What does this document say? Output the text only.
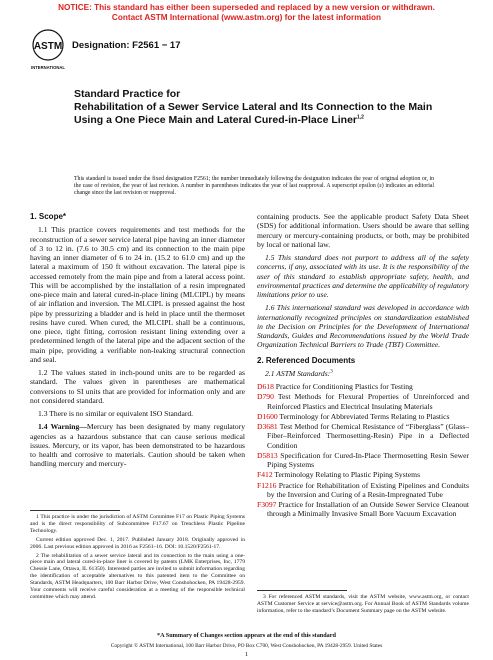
NOTICE: This standard has either been superseded and replaced by a new version or withdrawn.
Contact ASTM International (www.astm.org) for the latest information
ASTM
INTERNATIONAL
Designation: F2561 − 17
Standard Practice for
Rehabilitation of a Sewer Service Lateral and Its Connection to the Main Using a One Piece Main and Lateral Cured-in-Place Liner$^{1,2}$
This standard is issued under the fixed designation F2561; the number immediately following the designation indicates the year of original adoption or, in the case of revision, the year of last revision. A number in parentheses indicates the year of last reapproval. A superscript epsilon (ε) indicates an editorial change since the last revision or reapproval.
1. Scope*
1.1 This practice covers requirements and test methods for the reconstruction of a sewer service lateral pipe having an inner diameter of 3 to 12 in. (7.6 to 30.5 cm) and its connection to the main pipe having an inner diameter of 6 to 24 in. (15.2 to 61.0 cm) and up the lateral a maximum of 150 ft without excavation. The lateral pipe is accessed remotely from the main pipe and from a lateral access point. This will be accomplished by the installation of a resin impregnated one-piece main and lateral cured-in-place lining (MLCIPL) by means of air inflation and inversion. The MLCIPL is pressed against the host pipe by pressurizing a bladder and is held in place until the thermoset resins have cured. When cured, the MLCIPL shall be a continuous, one piece, tight fitting, corrosion resistant lining extending over a predetermined length of the lateral pipe and the adjacent section of the main pipe, providing a verifiable non-leaking structural connection and seal.
1.2 The values stated in inch-pound units are to be regarded as standard. The values given in parentheses are mathematical conversions to SI units that are provided for information only and are not considered standard.
1.3 There is no similar or equivalent ISO Standard.
1.4 Warning—Mercury has been designated by many regulatory agencies as a hazardous substance that can cause serious medical issues. Mercury, or its vapor, has been demonstrated to be hazardous to health and corrosive to materials. Caution should be taken when handling mercury and mercury-
containing products. See the applicable product Safety Data Sheet (SDS) for additional information. Users should be aware that selling mercury or mercury-containing products, or both, may be prohibited by local or national law.
1.5 This standard does not purport to address all of the safety concerns, if any, associated with its use. It is the responsibility of the user of this standard to establish appropriate safety, health, and environmental practices and determine the applicability of regulatory limitations prior to use.
1.6 This international standard was developed in accordance with internationally recognized principles on standardization established in the Decision on Principles for the Development of International Standards, Guides and Recommendations issued by the World Trade Organization Technical Barriers to Trade (TBT) Committee.
2. Referenced Documents
2.1 ASTM Standards:$^3$
D618 Practice for Conditioning Plastics for Testing
D790 Test Methods for Flexural Properties of Unreinforced and Reinforced Plastics and Electrical Insulating Materials
D1600 Terminology for Abbreviated Terms Relating to Plastics
D3681 Test Method for Chemical Resistance of “Fiberglass” (Glass–Fiber–Reinforced Thermosetting-Resin) Pipe in a Deflected Condition
D5813 Specification for Cured-In-Place Thermosetting Resin Sewer Piping Systems
F412 Terminology Relating to Plastic Piping Systems
F1216 Practice for Rehabilitation of Existing Pipelines and Conduits by the Inversion and Curing of a Resin-Impregnated Tube
F3097 Practice for Installation of an Outside Sewer Service Cleanout through a Minimally Invasive Small Bore Vacuum Excavation
1 This practice is under the jurisdiction of ASTM Committee F17 on Plastic Piping Systems and is the direct responsibility of Subcommittee F17.67 on Trenchless Plastic Pipeline Technology.
Current edition approved Dec. 1, 2017. Published January 2018. Originally approved in 2006. Last previous edition approved in 2016 as F2561–16. DOI: 10.1520/F2561-17.
2 The rehabilitation of a sewer service lateral and its connection to the main using a one-piece main and lateral cured-in-place liner is covered by patents (LMK Enterprises, Inc, 1779 Chessie Lane, Ottawa, IL 61350). Interested parties are invited to submit information regarding the identification of acceptable alternatives to this patented item to the Committee on Standards, ASTM Headquarters, 100 Barr Harbor Drive, West Conshohocken, PA 19428-2959. Your comments will receive careful consideration at a meeting of the responsible technical committee which may attend.	3 For referenced ASTM standards, visit the ASTM website, www.astm.org, or contact ASTM Customer Service at service@astm.org. For Annual Book of ASTM Standards volume information, refer to the standard’s Document Summary page on the ASTM website.
*A Summary of Changes section appears at the end of this standard
Copyright © ASTM International, 100 Barr Harbor Drive, PO Box C700, West Conshohocken, PA 19428-2959. United States
1
